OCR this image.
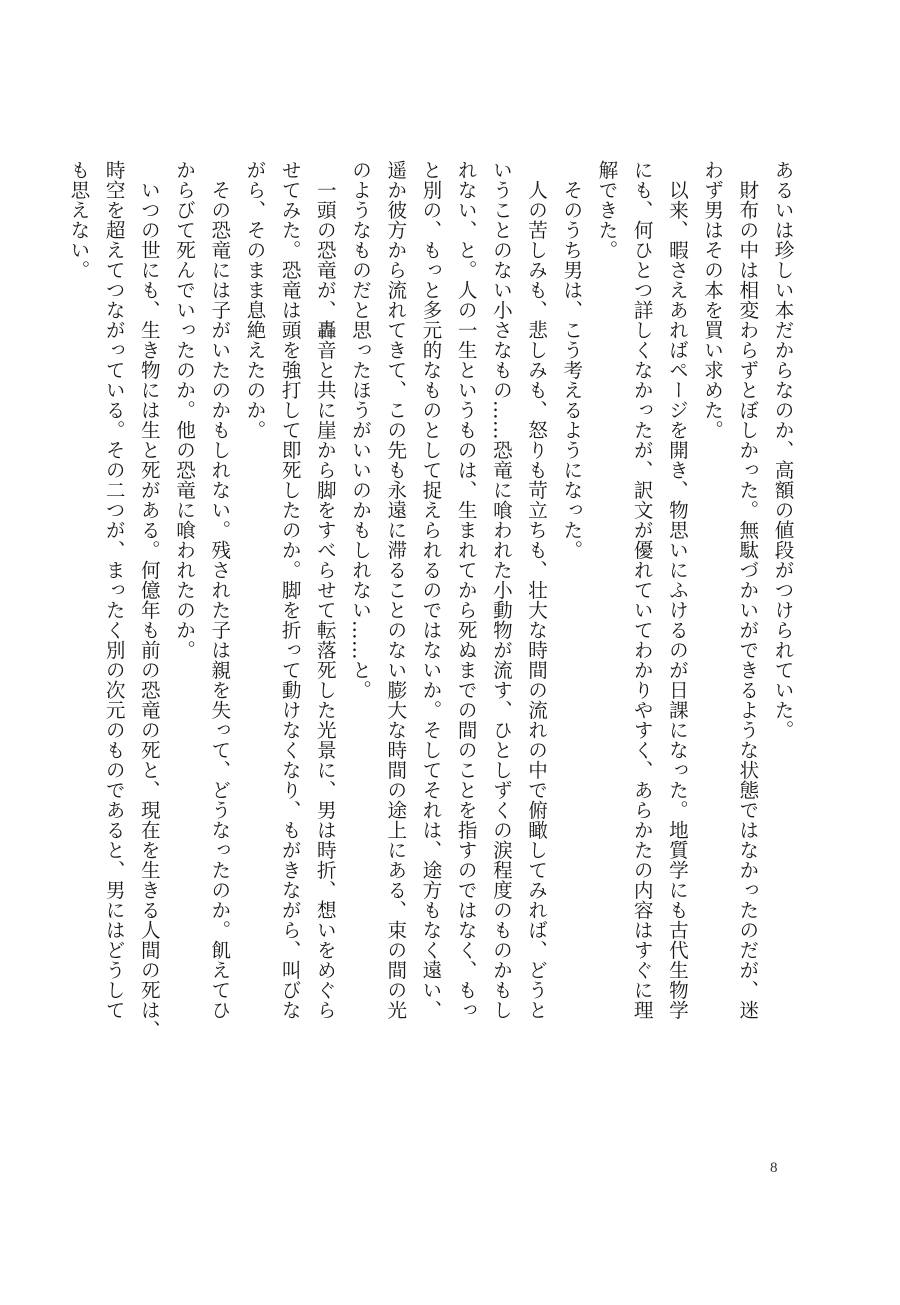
あるいは珍しい本だからなのか、高額の値段がつけられていた。

　財布の中は相変わらずとぼしかった。無駄づかいができるような状態ではなかったのだが、迷

わず男はその本を買い求めた。

　以来、暇さえあればページを開き、物思いにふけるのが日課になった。地質学にも古代生物学

にも、何ひとつ詳しくなかったが、訳文が優れていてわかりやすく、あらかたの内容はすぐに理

解できた。

　そのうち男は、こう考えるようになった。

　人の苦しみも、悲しみも、怒りも苛立ちも、壮大な時間の流れの中で俯瞰してみれば、どうと

いうことのない小さなもの……恐竜に喰われた小動物が流す、ひとしずくの涙程度のものかもし

れない、と。人の一生というものは、生まれてから死ぬまでの間のことを指すのではなく、もっ

と別の、もっと多元的なものとして捉えられるのではないか。そしてそれは、途方もなく遠い、

遥か彼方から流れてきて、この先も永遠に滞ることのない膨大な時間の途上にある、束の間の光

のようなものだと思ったほうがいいのかもしれない……と。

　一頭の恐竜が、轟音と共に崖から脚をすべらせて転落死した光景に、男は時折、想いをめぐら

せてみた。恐竜は頭を強打して即死したのか。脚を折って動けなくなり、もがきながら、叫びな

がら、そのまま息絶えたのか。

　その恐竜には子がいたのかもしれない。残された子は親を失って、どうなったのか。飢えてひ

からびて死んでいったのか。他の恐竜に喰われたのか。

　いつの世にも、生き物には生と死がある。何億年も前の恐竜の死と、現在を生きる人間の死は、

時空を超えてつながっている。その二つが、まったく別の次元のものであると、男にはどうして

も思えない。

8
